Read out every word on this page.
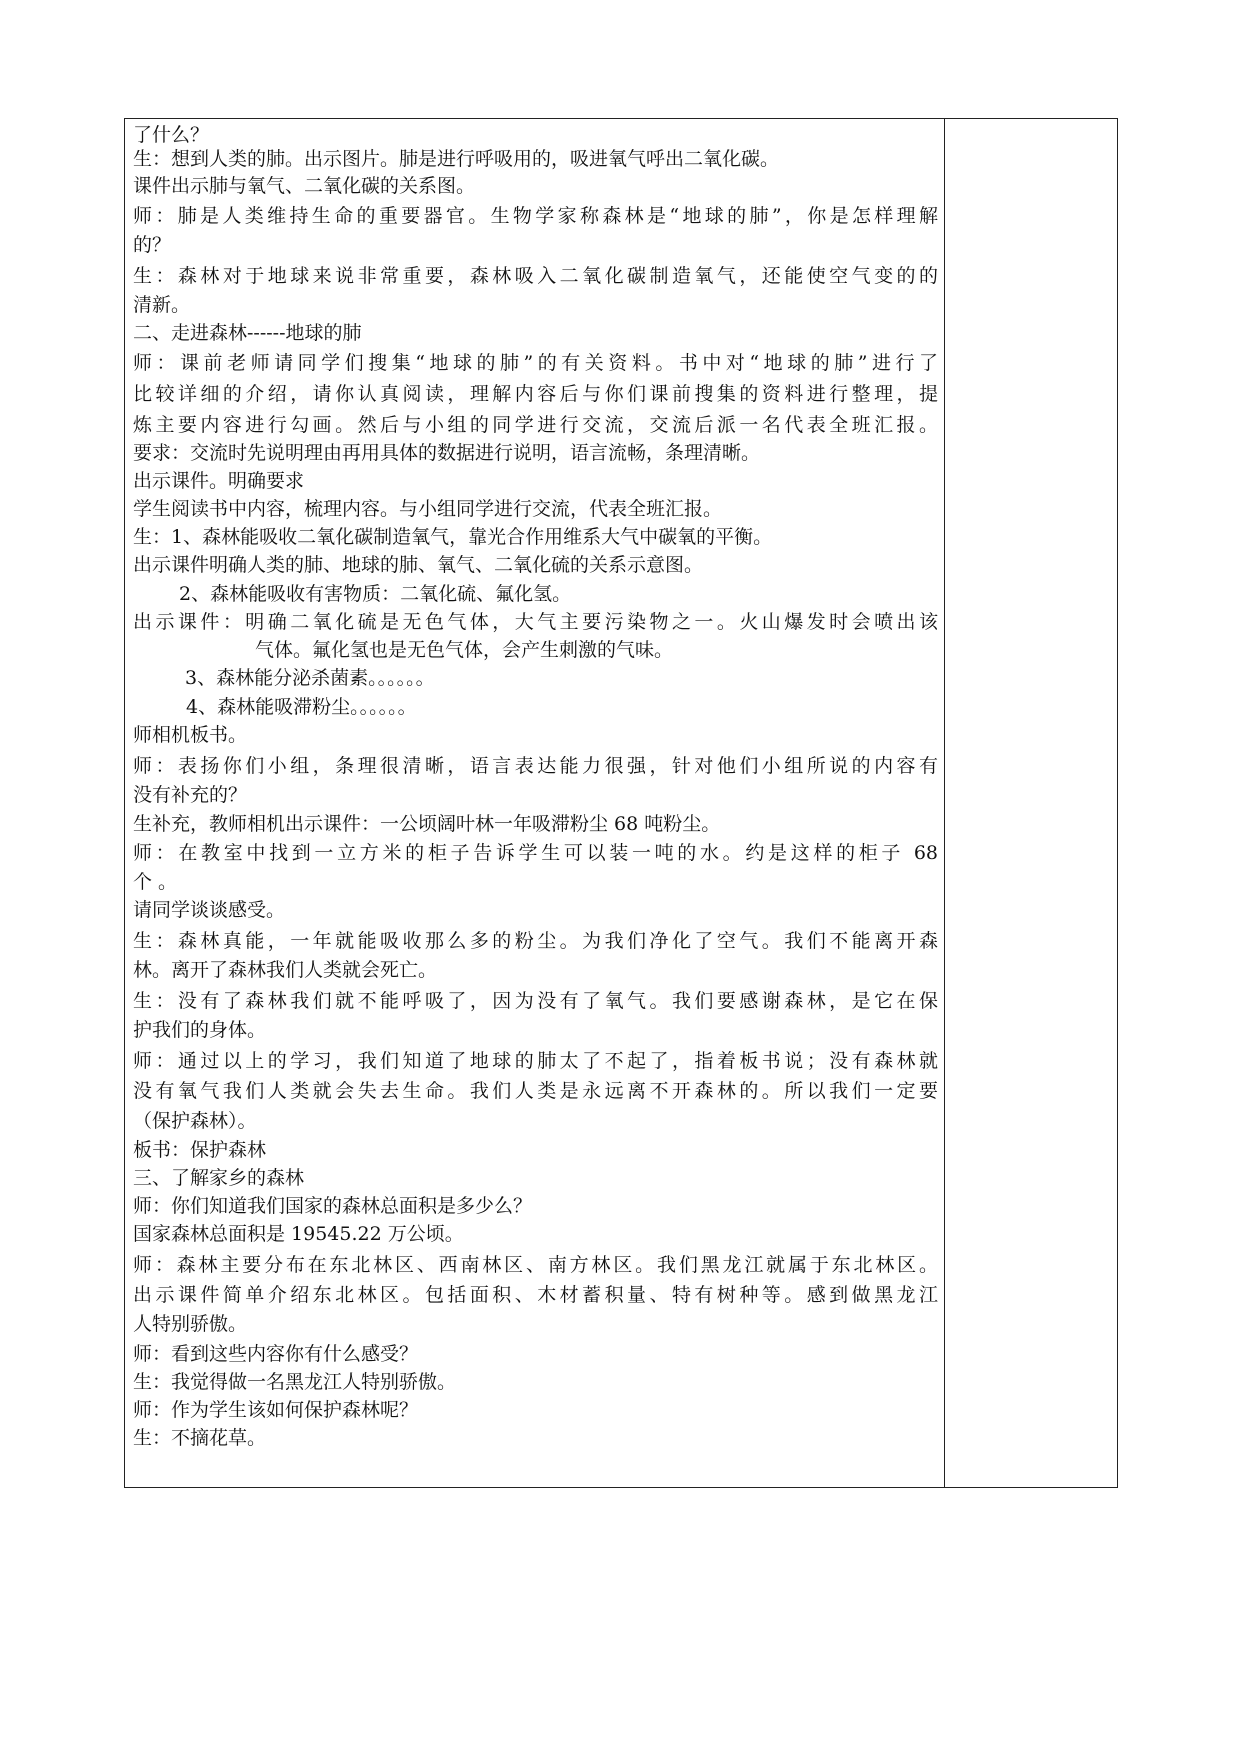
了什么？
生：想到人类的肺。出示图片。肺是进行呼吸用的，吸进氧气呼出二氧化碳。
课件出示肺与氧气、二氧化碳的关系图。
师：肺是人类维持生命的重要器官。生物学家称森林是“地球的肺”，你是怎样理解
的？
生：森林对于地球来说非常重要，森林吸入二氧化碳制造氧气，还能使空气变的的
清新。
二、走进森林------地球的肺
师：课前老师请同学们搜集“地球的肺”的有关资料。书中对“地球的肺”进行了
比较详细的介绍，请你认真阅读，理解内容后与你们课前搜集的资料进行整理，提
炼主要内容进行勾画。然后与小组的同学进行交流，交流后派一名代表全班汇报。
要求：交流时先说明理由再用具体的数据进行说明，语言流畅，条理清晰。
出示课件。明确要求
学生阅读书中内容，梳理内容。与小组同学进行交流，代表全班汇报。
生：1、森林能吸收二氧化碳制造氧气，靠光合作用维系大气中碳氧的平衡。
出示课件明确人类的肺、地球的肺、氧气、二氧化硫的关系示意图。
2、森林能吸收有害物质：二氧化硫、氟化氢。
出示课件：明确二氧化硫是无色气体，大气主要污染物之一。火山爆发时会喷出该
气体。氟化氢也是无色气体，会产生刺激的气味。
3、森林能分泌杀菌素。。。。。。
4、森林能吸滞粉尘。。。。。。
师相机板书。
师：表扬你们小组，条理很清晰，语言表达能力很强，针对他们小组所说的内容有
没有补充的？
生补充，教师相机出示课件：一公顷阔叶林一年吸滞粉尘 68 吨粉尘。
师：在教室中找到一立方米的柜子告诉学生可以装一吨的水。约是这样的柜子 68
个 。
请同学谈谈感受。
生：森林真能，一年就能吸收那么多的粉尘。为我们净化了空气。我们不能离开森
林。离开了森林我们人类就会死亡。
生：没有了森林我们就不能呼吸了，因为没有了氧气。我们要感谢森林，是它在保
护我们的身体。
师：通过以上的学习，我们知道了地球的肺太了不起了，指着板书说；没有森林就
没有氧气我们人类就会失去生命。我们人类是永远离不开森林的。所以我们一定要
（保护森林）。
板书：保护森林
三、了解家乡的森林
师：你们知道我们国家的森林总面积是多少么？
国家森林总面积是 19545.22 万公顷。
师：森林主要分布在东北林区、西南林区、南方林区。我们黑龙江就属于东北林区。
出示课件简单介绍东北林区。包括面积、木材蓄积量、特有树种等。感到做黑龙江
人特别骄傲。
师：看到这些内容你有什么感受？
生：我觉得做一名黑龙江人特别骄傲。
师：作为学生该如何保护森林呢？
生：不摘花草。
